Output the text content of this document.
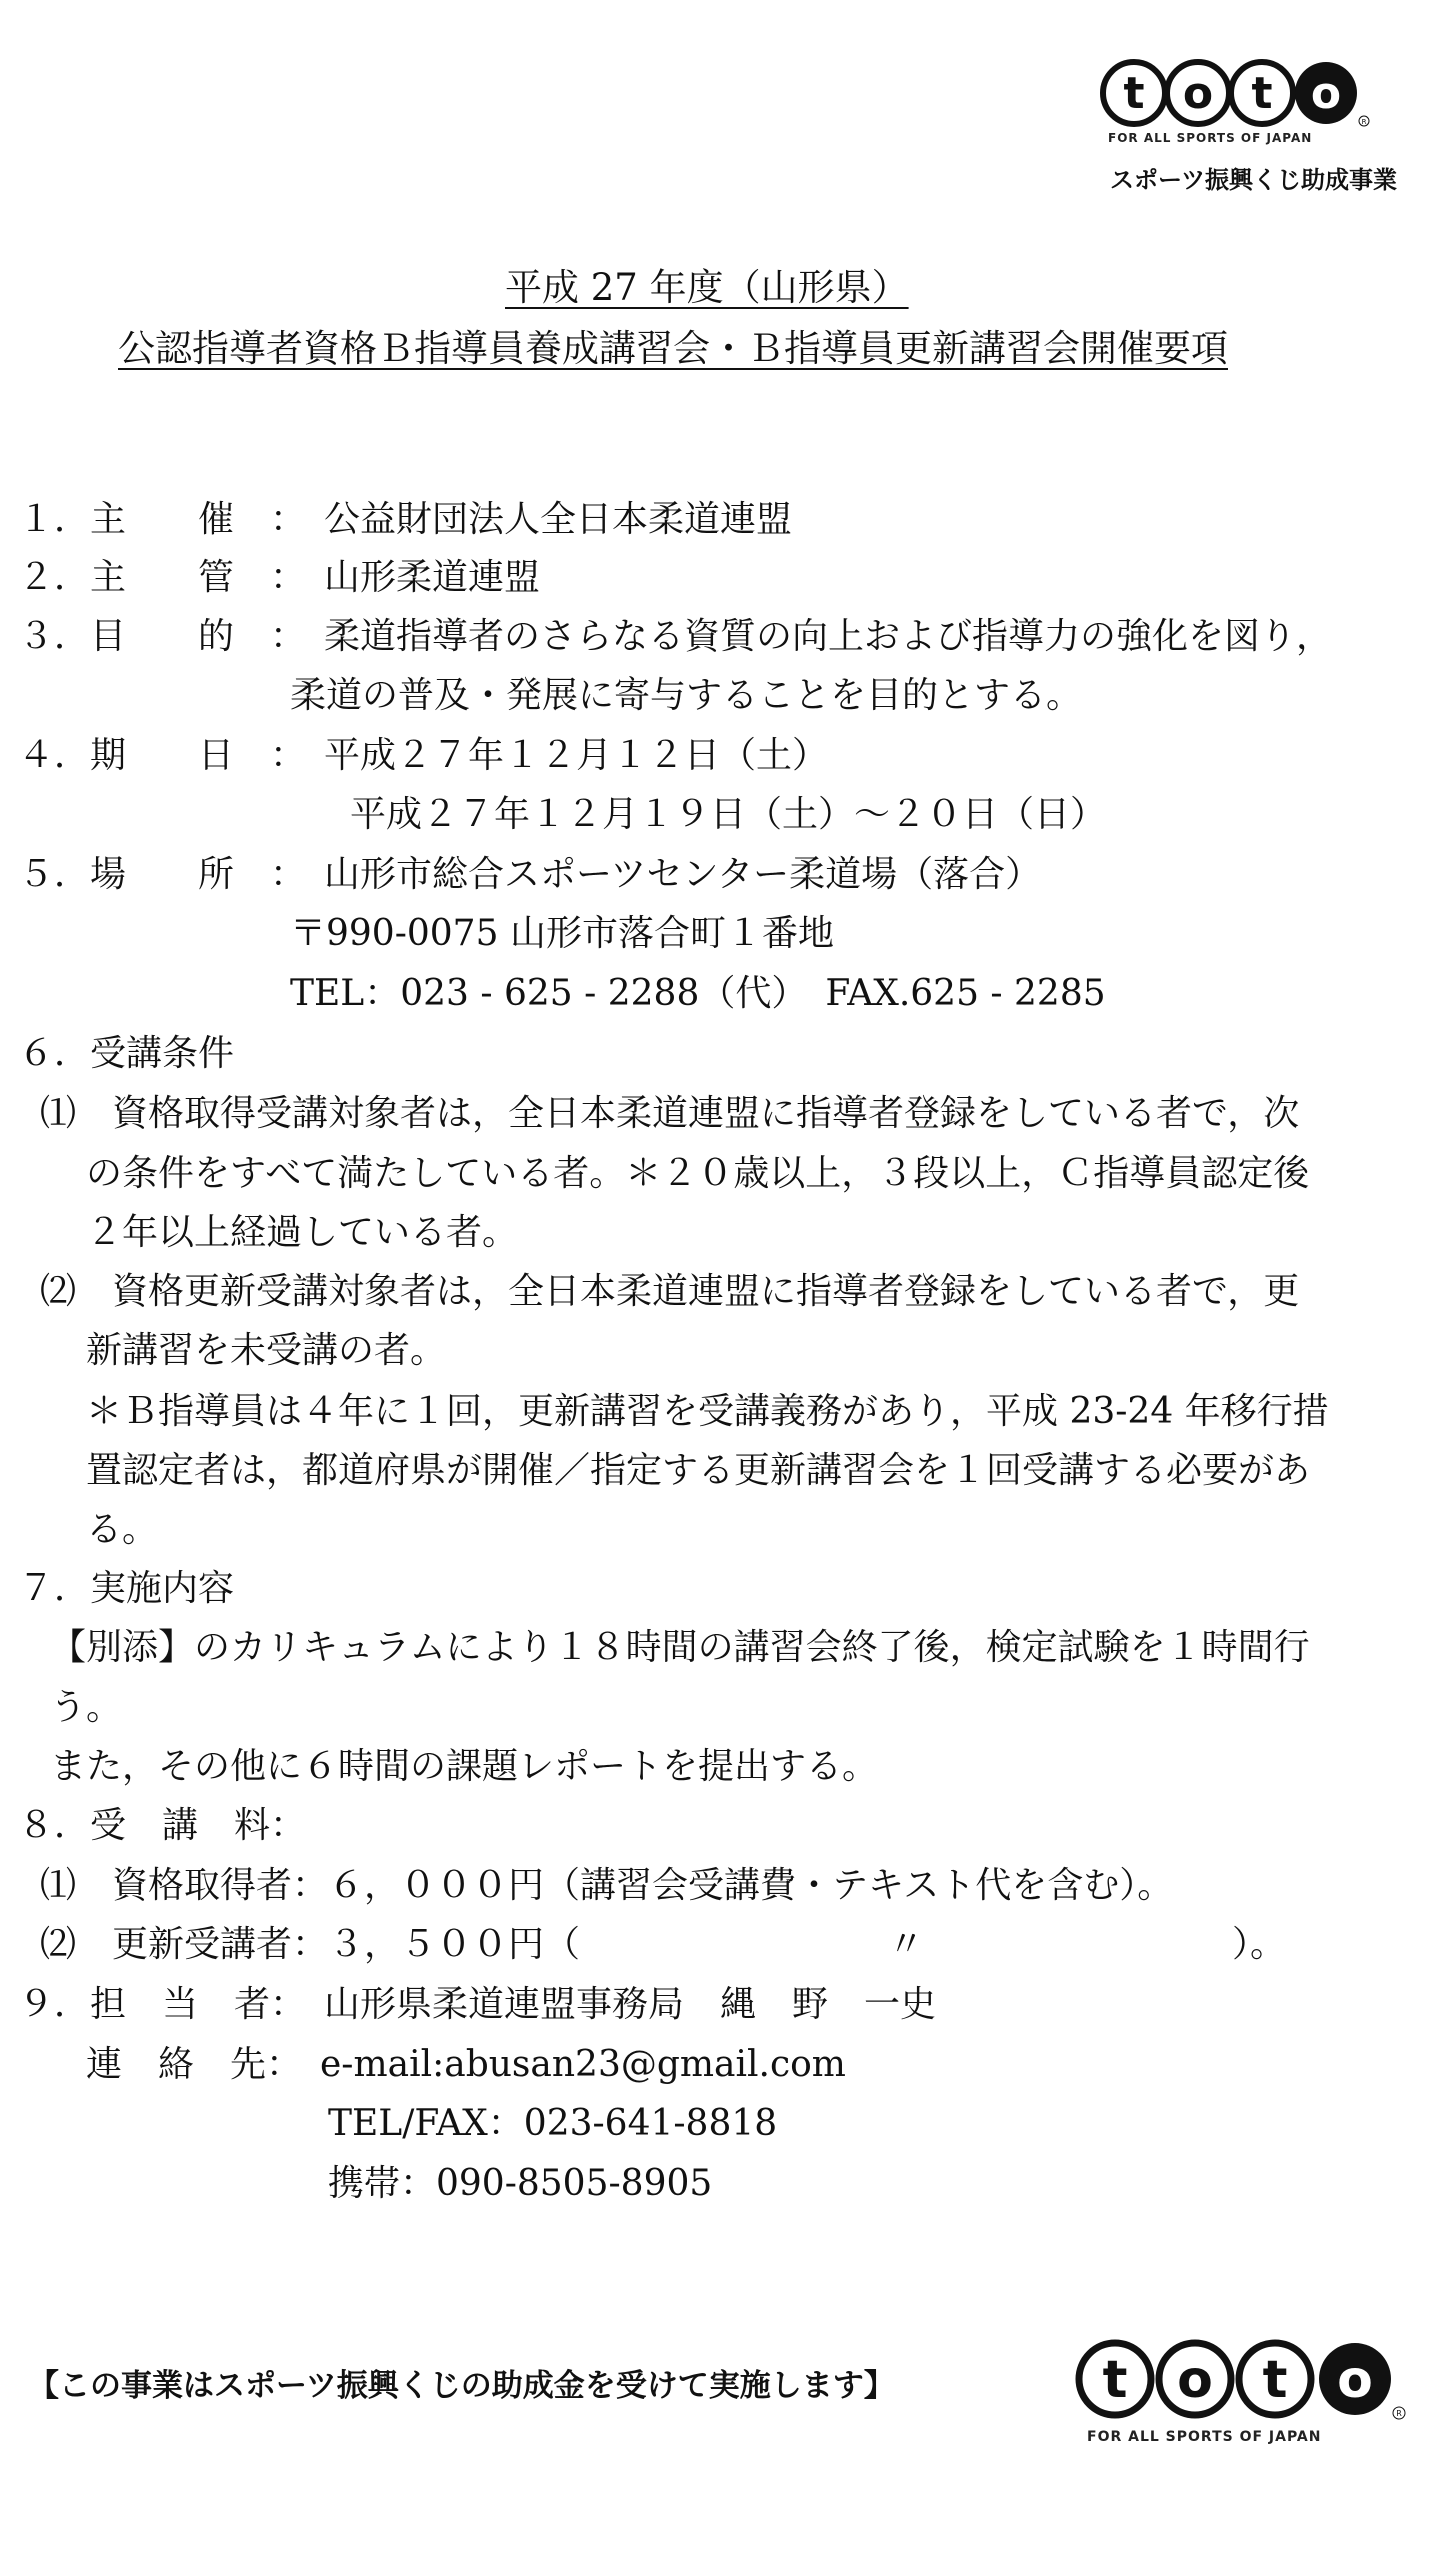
t o t o
R
FOR ALL SPORTS OF JAPAN
スポーツ振興くじ助成事業
平成 27 年度（山形県）
公認指導者資格Ｂ指導員養成講習会・Ｂ指導員更新講習会開催要項
１．主　　催　：　公益財団法人全日本柔道連盟
２．主　　管　：　山形柔道連盟
３．目　　的　：　柔道指導者のさらなる資質の向上および指導力の強化を図り，
柔道の普及・発展に寄与することを目的とする。
４．期　　日　：　平成２７年１２月１２日（土）
平成２７年１２月１９日（土）～２０日（日）
５．場　　所　：　山形市総合スポーツセンター柔道場（落合）
〒990-0075 山形市落合町１番地
TEL：023 - 625 - 2288（代）　FAX.625 - 2285
６．受講条件
⑴　資格取得受講対象者は，全日本柔道連盟に指導者登録をしている者で，次
の条件をすべて満たしている者。＊２０歳以上，３段以上，Ｃ指導員認定後
２年以上経過している者。
⑵　資格更新受講対象者は，全日本柔道連盟に指導者登録をしている者で，更
新講習を未受講の者。
＊Ｂ指導員は４年に１回，更新講習を受講義務があり，平成 23-24 年移行措
置認定者は，都道府県が開催／指定する更新講習会を１回受講する必要があ
る。
７．実施内容
【別添】のカリキュラムにより１８時間の講習会終了後，検定試験を１時間行
う。
また，その他に６時間の課題レポートを提出する。
８．受　講　料：
⑴　資格取得者：６，０００円（講習会受講費・テキスト代を含む）。
⑵　更新受講者：３，５００円（	〃	）。
９．担　当　者：　山形県柔道連盟事務局　縄　野　一史
連　絡　先：　e-mail:abusan23@gmail.com
TEL/FAX：023-641-8818
携帯：090-8505-8905
【この事業はスポーツ振興くじの助成金を受けて実施します】	t o t o
R
FOR ALL SPORTS OF JAPAN
